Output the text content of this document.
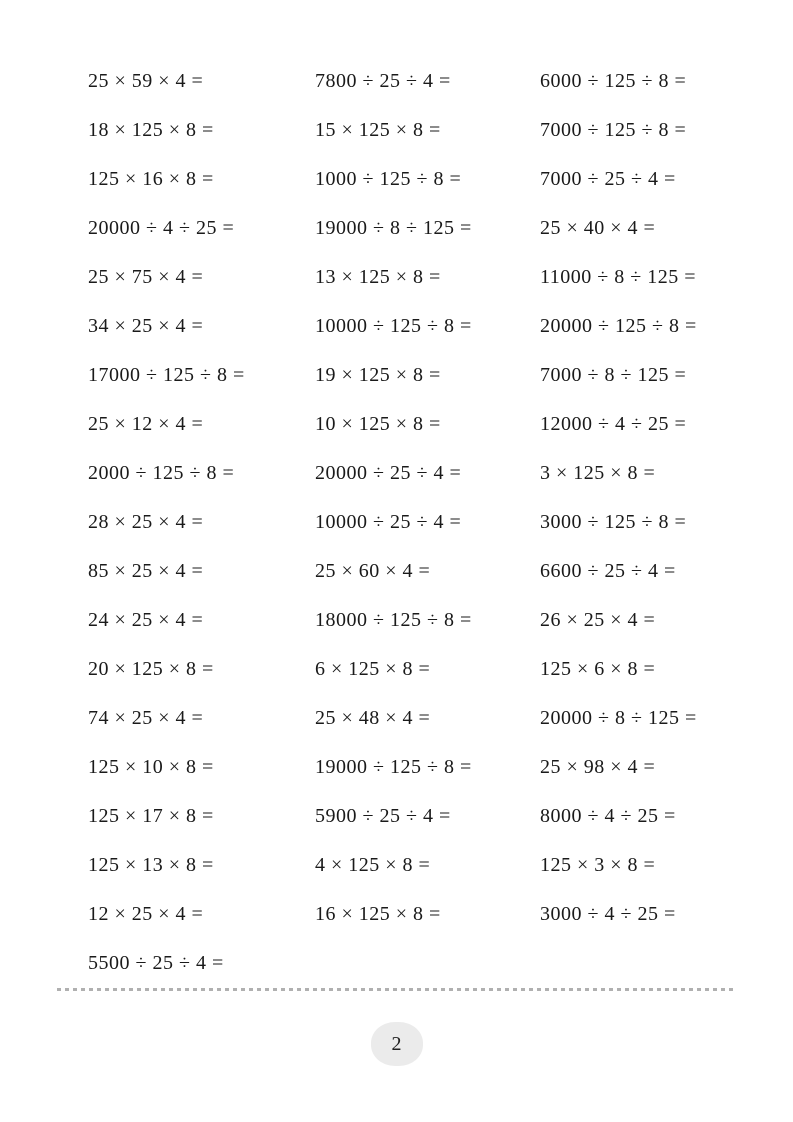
25 × 59 × 4 =
18 × 125 × 8 =
125 × 16 × 8 =
20000 ÷ 4 ÷ 25 =
25 × 75 × 4 =
34 × 25 × 4 =
17000 ÷ 125 ÷ 8 =
25 × 12 × 4 =
2000 ÷ 125 ÷ 8 =
28 × 25 × 4 =
85 × 25 × 4 =
24 × 25 × 4 =
20 × 125 × 8 =
74 × 25 × 4 =
125 × 10 × 8 =
125 × 17 × 8 =
125 × 13 × 8 =
12 × 25 × 4 =
5500 ÷ 25 ÷ 4 =
7800 ÷ 25 ÷ 4 =
15 × 125 × 8 =
1000 ÷ 125 ÷ 8 =
19000 ÷ 8 ÷ 125 =
13 × 125 × 8 =
10000 ÷ 125 ÷ 8 =
19 × 125 × 8 =
10 × 125 × 8 =
20000 ÷ 25 ÷ 4 =
10000 ÷ 25 ÷ 4 =
25 × 60 × 4 =
18000 ÷ 125 ÷ 8 =
6 × 125 × 8 =
25 × 48 × 4 =
19000 ÷ 125 ÷ 8 =
5900 ÷ 25 ÷ 4 =
4 × 125 × 8 =
16 × 125 × 8 =
6000 ÷ 125 ÷ 8 =
7000 ÷ 125 ÷ 8 =
7000 ÷ 25 ÷ 4 =
25 × 40 × 4 =
11000 ÷ 8 ÷ 125 =
20000 ÷ 125 ÷ 8 =
7000 ÷ 8 ÷ 125 =
12000 ÷ 4 ÷ 25 =
3 × 125 × 8 =
3000 ÷ 125 ÷ 8 =
6600 ÷ 25 ÷ 4 =
26 × 25 × 4 =
125 × 6 × 8 =
20000 ÷ 8 ÷ 125 =
25 × 98 × 4 =
8000 ÷ 4 ÷ 25 =
125 × 3 × 8 =
3000 ÷ 4 ÷ 25 =
2
